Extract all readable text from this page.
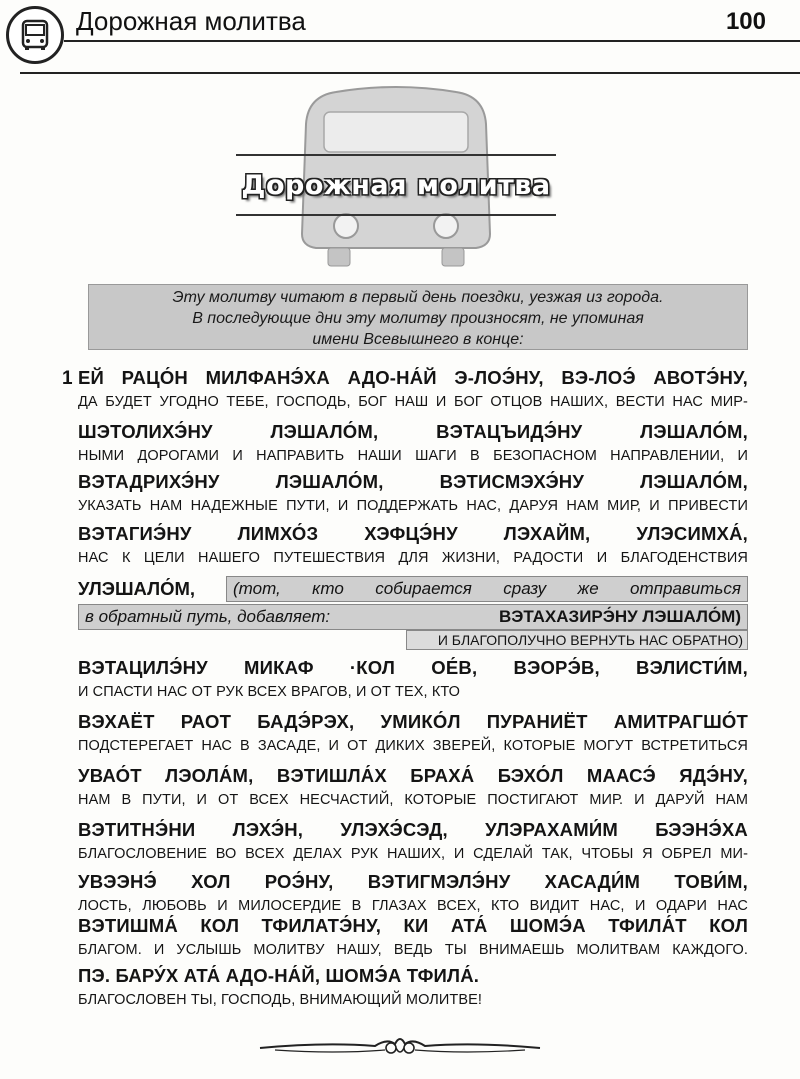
Дорожная молитва	100
Дорожная молитва
Эту молитву читают в первый день поездки, уезжая из города.
В последующие дни эту молитву произносят, не упоминая
имени Всевышнего в конце:
1 ЕЙ РАЦО́Н МИЛФАНЭ́ХА АДО-НА́Й Э-ЛОЭ́НУ, ВЭ-ЛОЭ́ АВОТЭ́НУ,
ДА БУДЕТ УГОДНО ТЕБЕ, ГОСПОДЬ, БОГ НАШ И БОГ ОТЦОВ НАШИХ, ВЕСТИ НАС МИР-
ШЭТОЛИХЭ́НУ ЛЭШАЛО́М, ВЭТАЦЪИДЭ́НУ ЛЭШАЛО́М,
НЫМИ ДОРОГАМИ И НАПРАВИТЬ НАШИ ШАГИ В БЕЗОПАСНОМ НАПРАВЛЕНИИ, И
ВЭТАДРИХЭ́НУ ЛЭШАЛО́М, ВЭТИСМЭХЭ́НУ ЛЭШАЛО́М,
УКАЗАТЬ НАМ НАДЕЖНЫЕ ПУТИ, И ПОДДЕРЖАТЬ НАС, ДАРУЯ НАМ МИР, И ПРИВЕСТИ
ВЭТАГИЭ́НУ ЛИМХО́З ХЭФЦЭ́НУ ЛЭХАЙМ, УЛЭСИМХА́,
НАС К ЦЕЛИ НАШЕГО ПУТЕШЕСТВИЯ ДЛЯ ЖИЗНИ, РАДОСТИ И БЛАГОДЕНСТВИЯ
УЛЭШАЛО́М, (тот, кто собирается сразу же отправиться
в обратный путь, добавляет:	ВЭТАХАЗИРЭ́НУ ЛЭШАЛО́М)
И БЛАГОПОЛУЧНО ВЕРНУТЬ НАС ОБРАТНО)
ВЭТАЦИЛЭ́НУ МИКАФ ·КОЛ ОЕ́В, ВЭОРЭ́В, ВЭЛИСТИ́М,
И СПАСТИ НАС ОТ РУК ВСЕХ ВРАГОВ, И ОТ ТЕХ, КТО
ВЭХАЁТ РАОТ БАДЭ́РЭХ, УМИКО́Л ПУРАНИЁТ АМИТРАГШО́Т
ПОДСТЕРЕГАЕТ НАС В ЗАСАДЕ, И ОТ ДИКИХ ЗВЕРЕЙ, КОТОРЫЕ МОГУТ ВСТРЕТИТЬСЯ
УВАО́Т ЛЭОЛА́М, ВЭТИШЛА́Х БРАХА́ БЭХО́Л МААСЭ́ ЯДЭ́НУ,
НАМ В ПУТИ, И ОТ ВСЕХ НЕСЧАСТИЙ, КОТОРЫЕ ПОСТИГАЮТ МИР. И ДАРУЙ НАМ
ВЭТИТНЭ́НИ ЛЭХЭ́Н, УЛЭХЭ́СЭД, УЛЭРАХАМИ́М БЭЭНЭ́ХА
БЛАГОСЛОВЕНИЕ ВО ВСЕХ ДЕЛАХ РУК НАШИХ, И СДЕЛАЙ ТАК, ЧТОБЫ Я ОБРЕЛ МИ-
УВЭЭНЭ́ ХОЛ РОЭ́НУ, ВЭТИГМЭЛЭ́НУ ХАСАДИ́М ТОВИ́М,
ЛОСТЬ, ЛЮБОВЬ И МИЛОСЕРДИЕ В ГЛАЗАХ ВСЕХ, КТО ВИДИТ НАС, И ОДАРИ НАС
ВЭТИШМА́ КОЛ ТФИЛАТЭ́НУ, КИ АТА́ ШОМЭ́А ТФИЛА́Т КОЛ
БЛАГОМ. И УСЛЫШЬ МОЛИТВУ НАШУ, ВЕДЬ ТЫ ВНИМАЕШЬ МОЛИТВАМ КАЖДОГО.
ПЭ. БАРУ́Х АТА́ АДО-НА́Й, ШОМЭ́А ТФИЛА́.
БЛАГОСЛОВЕН ТЫ, ГОСПОДЬ, ВНИМАЮЩИЙ МОЛИТВЕ!
